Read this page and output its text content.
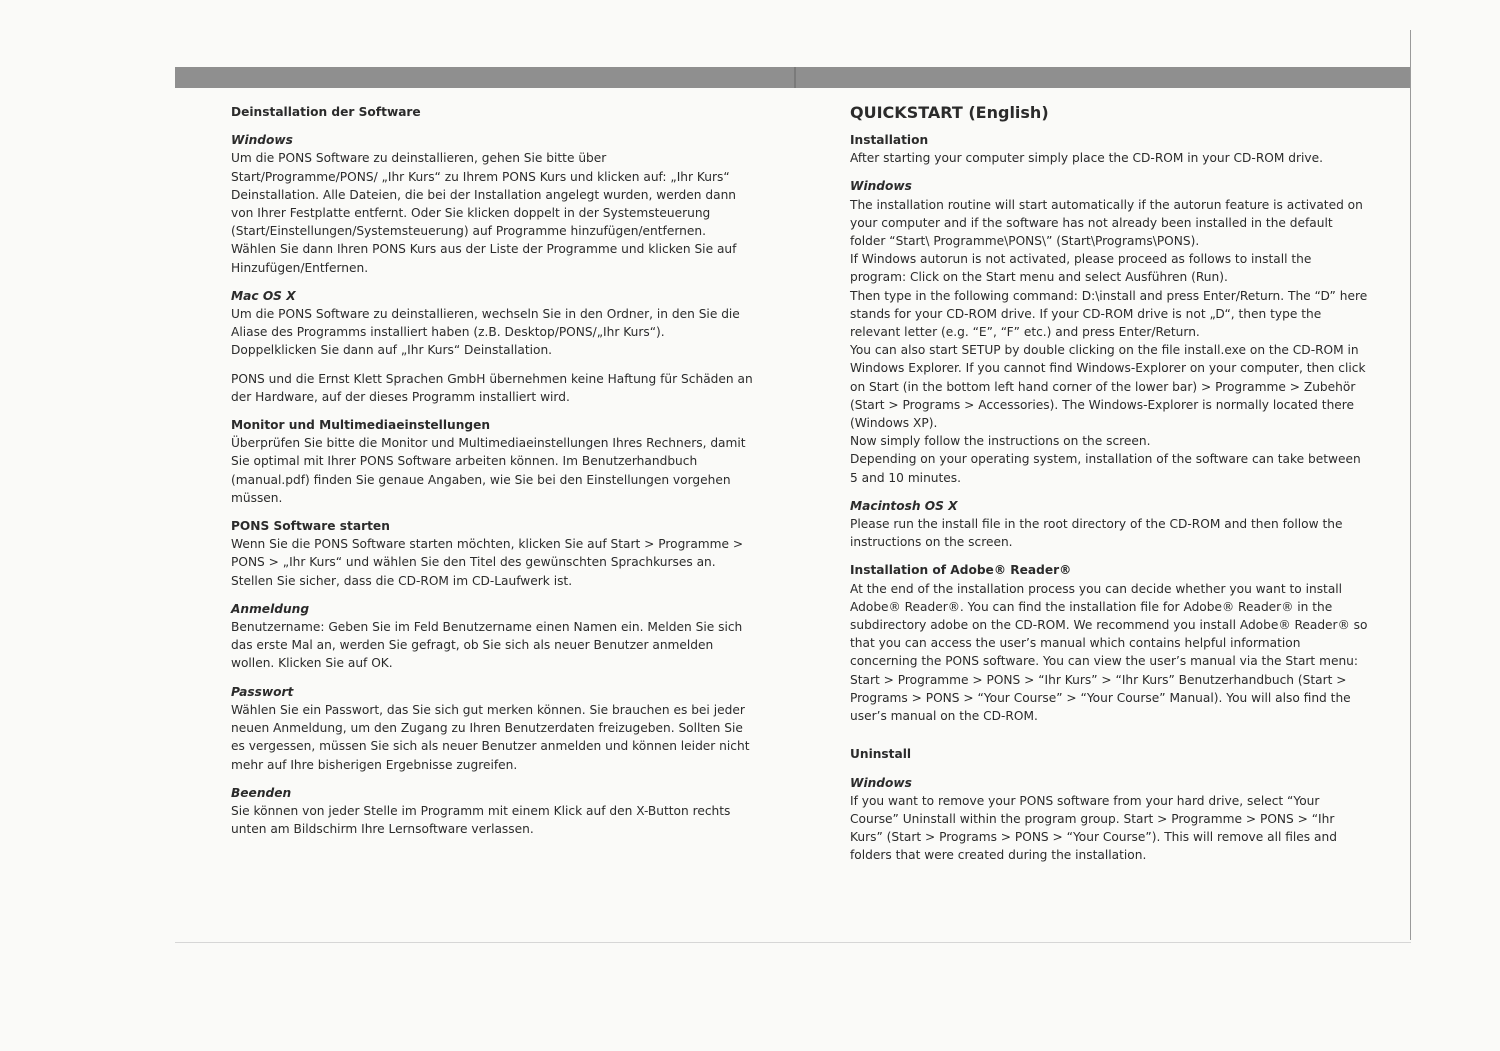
Deinstallation der Software

Windows

Um die PONS Software zu deinstallieren, gehen Sie bitte über Start/Programme/PONS/ „Ihr Kurs“ zu Ihrem PONS Kurs und klicken auf: „Ihr Kurs“ Deinstallation. Alle Dateien, die bei der Installation angelegt wurden, werden dann von Ihrer Festplatte entfernt. Oder Sie klicken doppelt in der Systemsteuerung (Start/Einstellungen/Systemsteuerung) auf Programme hinzufügen/entfernen. Wählen Sie dann Ihren PONS Kurs aus der Liste der Programme und klicken Sie auf Hinzufügen/Entfernen.

Mac OS X

Um die PONS Software zu deinstallieren, wechseln Sie in den Ordner, in den Sie die Aliase des Programms installiert haben (z.B. Desktop/PONS/„Ihr Kurs“). Doppelklicken Sie dann auf „Ihr Kurs“ Deinstallation.

PONS und die Ernst Klett Sprachen GmbH übernehmen keine Haftung für Schäden an der Hardware, auf der dieses Programm installiert wird.

Monitor und Multimediaeinstellungen

Überprüfen Sie bitte die Monitor und Multimediaeinstellungen Ihres Rechners, damit Sie optimal mit Ihrer PONS Software arbeiten können. Im Benutzerhandbuch (manual.pdf) finden Sie genaue Angaben, wie Sie bei den Einstellungen vorgehen müssen.

PONS Software starten

Wenn Sie die PONS Software starten möchten, klicken Sie auf Start > Programme > PONS > „Ihr Kurs“ und wählen Sie den Titel des gewünschten Sprachkurses an. Stellen Sie sicher, dass die CD-ROM im CD-Laufwerk ist.

Anmeldung

Benutzername: Geben Sie im Feld Benutzername einen Namen ein. Melden Sie sich das erste Mal an, werden Sie gefragt, ob Sie sich als neuer Benutzer anmelden wollen. Klicken Sie auf OK.

Passwort

Wählen Sie ein Passwort, das Sie sich gut merken können. Sie brauchen es bei jeder neuen Anmeldung, um den Zugang zu Ihren Benutzerdaten freizugeben. Sollten Sie es vergessen, müssen Sie sich als neuer Benutzer anmelden und können leider nicht mehr auf Ihre bisherigen Ergebnisse zugreifen.

Beenden

Sie können von jeder Stelle im Programm mit einem Klick auf den X-Button rechts unten am Bildschirm Ihre Lernsoftware verlassen.

QUICKSTART (English)

Installation

After starting your computer simply place the CD-ROM in your CD-ROM drive.

Windows

The installation routine will start automatically if the autorun feature is activated on your computer and if the software has not already been installed in the default folder “Start\ Programme\PONS\” (Start\Programs\PONS).

If Windows autorun is not activated, please proceed as follows to install the program: Click on the Start menu and select Ausführen (Run).

Then type in the following command: D:\install and press Enter/Return. The “D” here stands for your CD-ROM drive. If your CD-ROM drive is not „D“, then type the relevant letter (e.g. “E”, “F” etc.) and press Enter/Return.

You can also start SETUP by double clicking on the file install.exe on the CD-ROM in Windows Explorer. If you cannot find Windows-Explorer on your computer, then click on Start (in the bottom left hand corner of the lower bar) > Programme > Zubehör (Start > Programs > Accessories). The Windows-Explorer is normally located there (Windows XP).

Now simply follow the instructions on the screen.

Depending on your operating system, installation of the software can take between 5 and 10 minutes.

Macintosh OS X

Please run the install file in the root directory of the CD-ROM and then follow the instructions on the screen.

Installation of Adobe® Reader®

At the end of the installation process you can decide whether you want to install Adobe® Reader®. You can find the installation file for Adobe® Reader® in the subdirectory adobe on the CD-ROM. We recommend you install Adobe® Reader® so that you can access the user’s manual which contains helpful information concerning the PONS software. You can view the user’s manual via the Start menu:

Start > Programme > PONS > “Ihr Kurs” > “Ihr Kurs” Benutzerhandbuch (Start > Programs > PONS > “Your Course” > “Your Course” Manual). You will also find the user’s manual on the CD-ROM.

Uninstall

Windows

If you want to remove your PONS software from your hard drive, select “Your Course” Uninstall within the program group. Start > Programme > PONS > “Ihr Kurs” (Start > Programs > PONS > “Your Course”). This will remove all files and folders that were created during the installation.
